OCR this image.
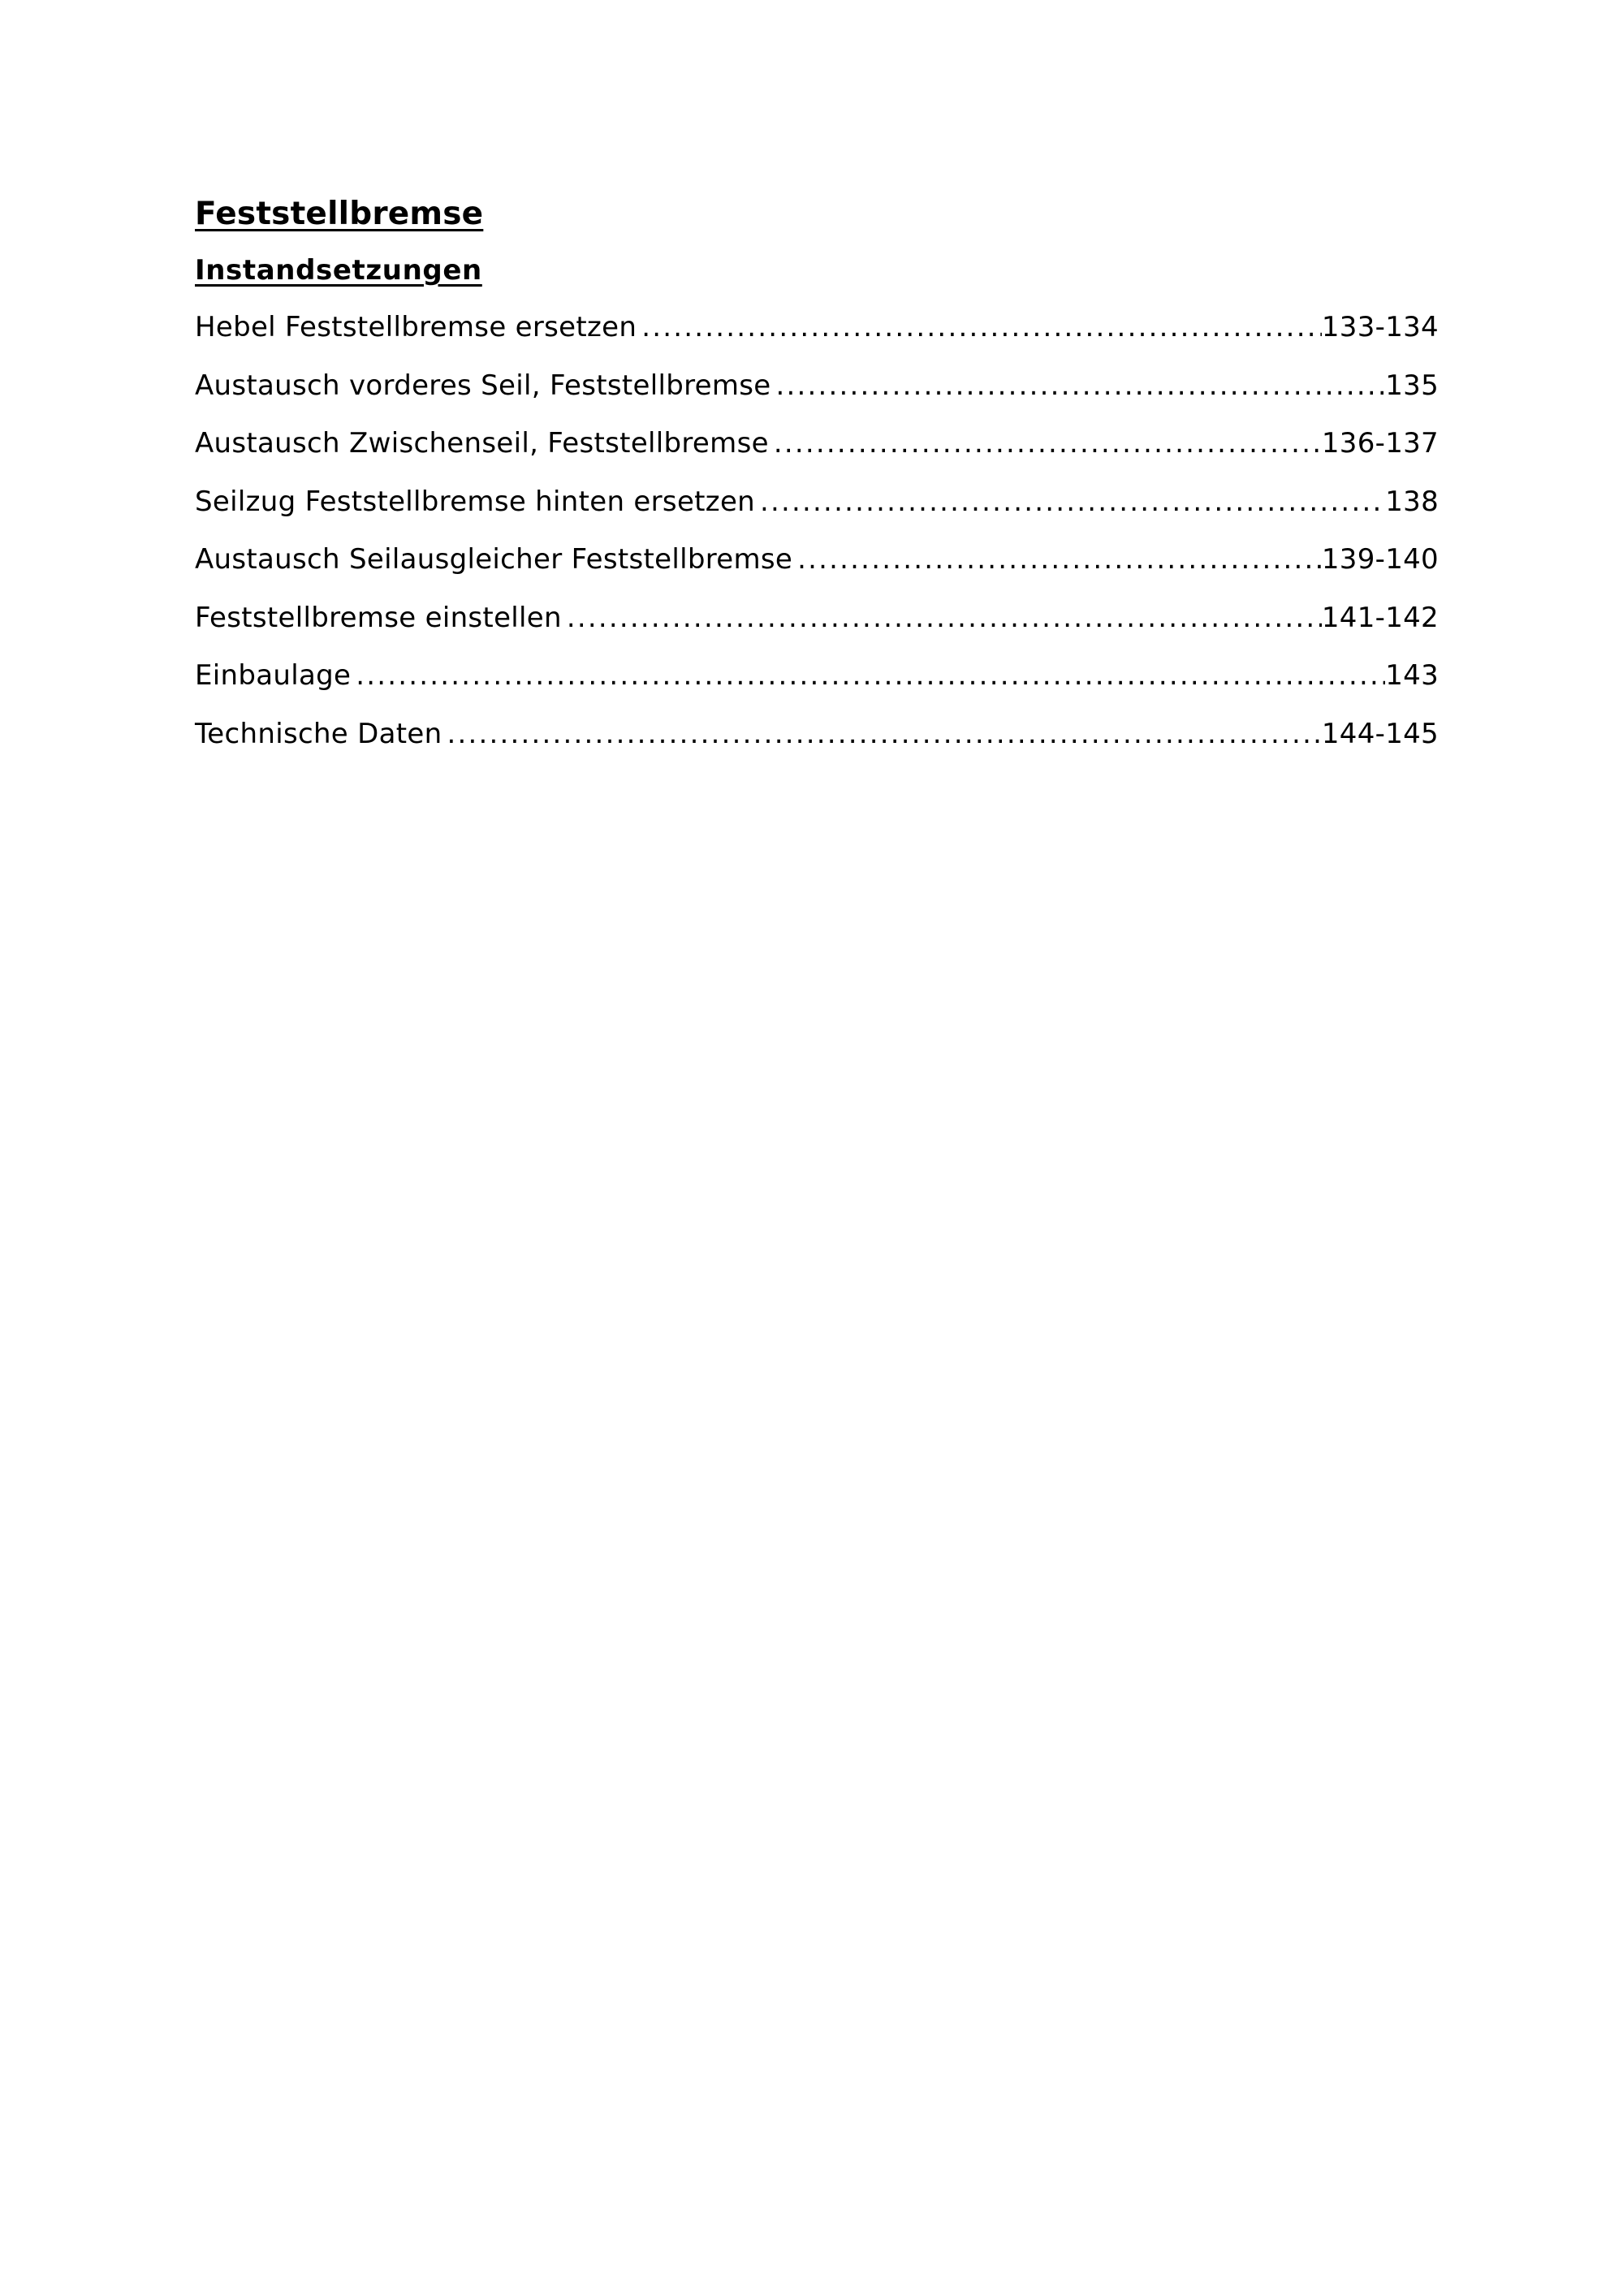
Feststellbremse
Instandsetzungen
Hebel Feststellbremse ersetzen .....	133-134
Austausch vorderes Seil, Feststellbremse .....	135
Austausch Zwischenseil, Feststellbremse .....	136-137
Seilzug Feststellbremse hinten ersetzen .....	138
Austausch Seilausgleicher Feststellbremse .....	139-140
Feststellbremse einstellen .....	141-142
Einbaulage .....	143
Technische Daten .....	144-145
